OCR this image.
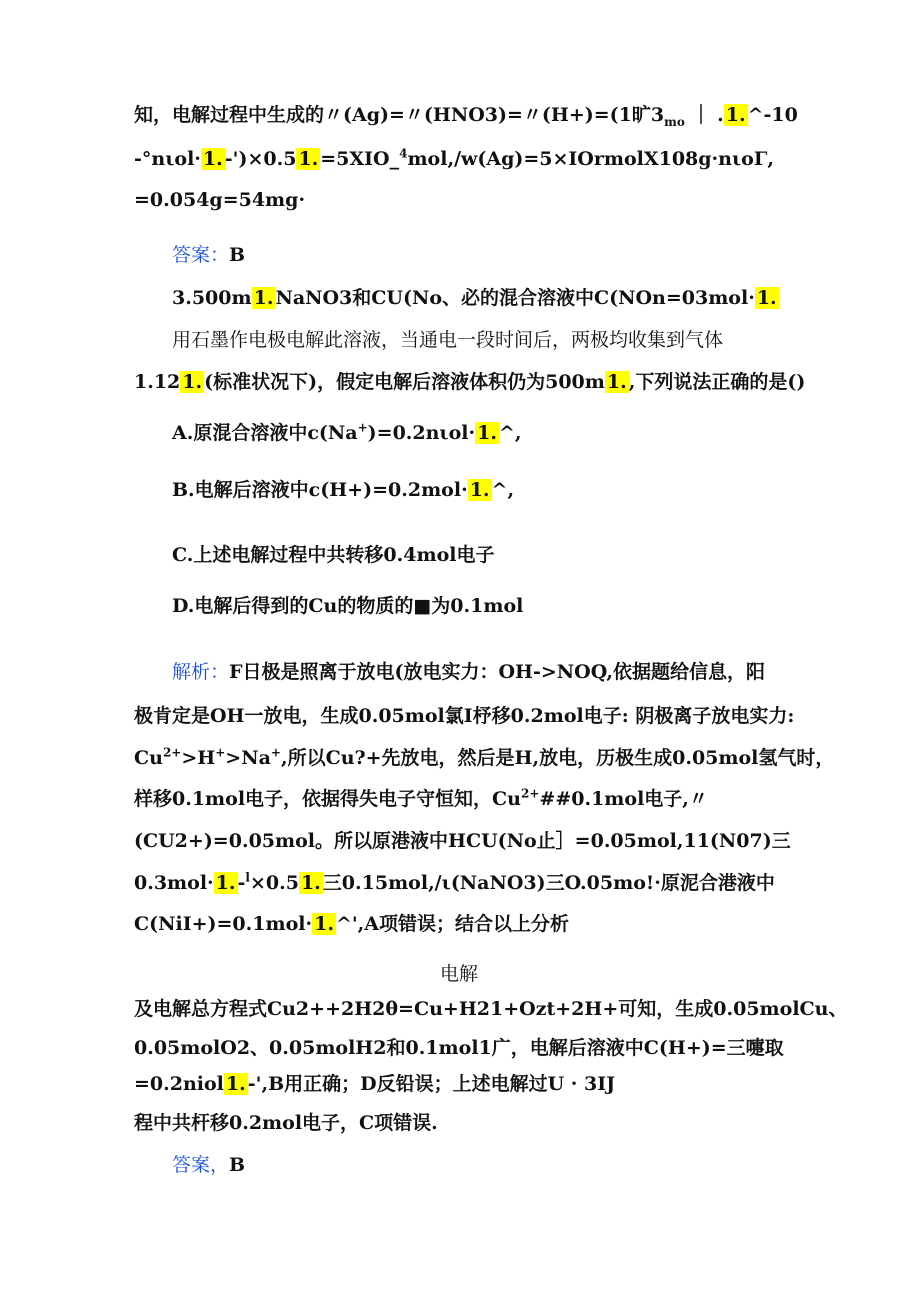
知，电解过程中生成的〃(Ag)=〃(HNO3)=〃(H+)=(1旷$3_{mo}$ ｜ . 1. ^-10
-°nιol· 1. -')×0.5 1. =5XIO_$^4$mol,∕w(Ag)=5×IOrmolX108g·nιoΓ,
=0.054g=54mg·
答案：B
3.500m 1. NaNO3和CU(No、必的混合溶液中C(NOn=03mol· 1.
用石墨作电极电解此溶液，当通电一段时间后，两极均收集到气体
1.12 1. (标准状况下)，假定电解后溶液体积仍为500m 1. ,下列说法正确的是()
A.原混合溶液中c(Na+)=0.2nιol· 1. ^,
B.电解后溶液中c(H+)=0.2mol· 1. ^,
C.上述电解过程中共转移0.4mol电子
D.电解后得到的Cu的物质的■为0.1mol
解析：F日极是照离于放电(放电实力：OH->NOQ,依据题给信息，阳
极肯定是OH一放电，生成0.05mol氯I杼移0.2mol电子: 阴极离子放电实力:
$Cu^{2+}>H^+>Na^+$,所以Cu?+先放电，然后是H,放电，历极生成0.05mol氢气时，
样移0.1mol电子，依据得失电子守恒知，$Cu^{2+}\#\#0.1mol$电子,〃
(CU2+)=0.05mol。所以原港液中HCU(No止］=0.05mol,11(N07)三
0.3mol· 1. -$^l$×0.5 1. 三0.15mol,∕ι(NaNO3)三O.05mo!·原泥合港液中
C(NiI+)=0.1mol· 1. ^',A项错误；结合以上分析
电解
及电解总方程式Cu2++2H2θ=Cu+H21+Ozt+2H+可知，生成0.05molCu、
0.05molO2、0.05molH2和0.1mol1广，电解后溶液中C(H+)=三嚏取
=0.2niol 1. -',B用正确；D反铅误；上述电解过U · 3IJ
程中共杆移0.2mol电子，C项错误.
答案，B
